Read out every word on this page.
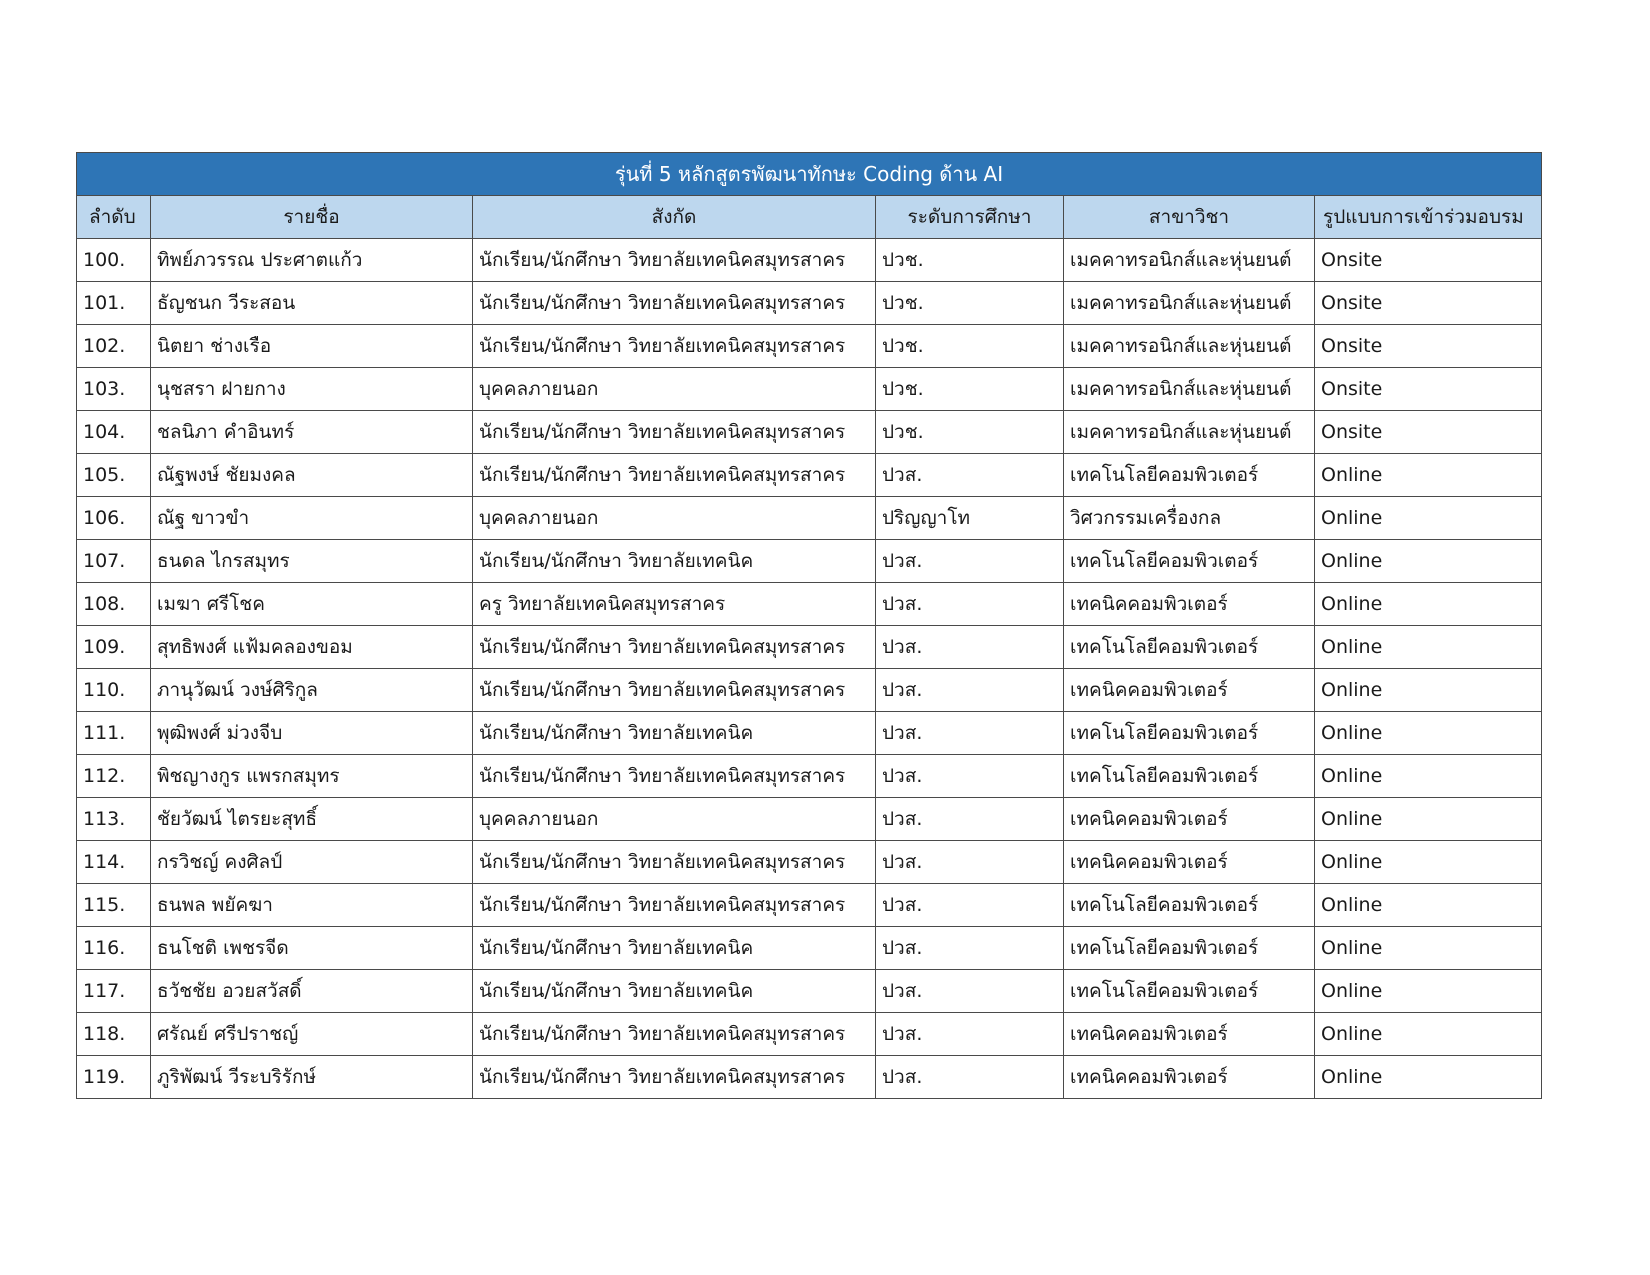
รุ่นที่ 5 หลักสูตรพัฒนาทักษะ Coding ด้าน AI					
ลำดับ	รายชื่อ	สังกัด	ระดับการศึกษา	สาขาวิชา	รูปแบบการเข้าร่วมอบรม
100.	ทิพย์ภวรรณ ประศาตแก้ว	นักเรียน/นักศึกษา วิทยาลัยเทคนิคสมุทรสาคร	ปวช.	เมคคาทรอนิกส์และหุ่นยนต์	Onsite
101.	ธัญชนก วีระสอน	นักเรียน/นักศึกษา วิทยาลัยเทคนิคสมุทรสาคร	ปวช.	เมคคาทรอนิกส์และหุ่นยนต์	Onsite
102.	นิตยา ช่างเรือ	นักเรียน/นักศึกษา วิทยาลัยเทคนิคสมุทรสาคร	ปวช.	เมคคาทรอนิกส์และหุ่นยนต์	Onsite
103.	นุชสรา ฝายกาง	บุคคลภายนอก	ปวช.	เมคคาทรอนิกส์และหุ่นยนต์	Onsite
104.	ชลนิภา คำอินทร์	นักเรียน/นักศึกษา วิทยาลัยเทคนิคสมุทรสาคร	ปวช.	เมคคาทรอนิกส์และหุ่นยนต์	Onsite
105.	ณัฐพงษ์ ชัยมงคล	นักเรียน/นักศึกษา วิทยาลัยเทคนิคสมุทรสาคร	ปวส.	เทคโนโลยีคอมพิวเตอร์	Online
106.	ณัฐ ขาวขำ	บุคคลภายนอก	ปริญญาโท	วิศวกรรมเครื่องกล	Online
107.	ธนดล ไกรสมุทร	นักเรียน/นักศึกษา วิทยาลัยเทคนิค	ปวส.	เทคโนโลยีคอมพิวเตอร์	Online
108.	เมฆา ศรีโชค	ครู วิทยาลัยเทคนิคสมุทรสาคร	ปวส.	เทคนิคคอมพิวเตอร์	Online
109.	สุทธิพงศ์ แฟ้มคลองขอม	นักเรียน/นักศึกษา วิทยาลัยเทคนิคสมุทรสาคร	ปวส.	เทคโนโลยีคอมพิวเตอร์	Online
110.	ภานุวัฒน์ วงษ์ศิริกูล	นักเรียน/นักศึกษา วิทยาลัยเทคนิคสมุทรสาคร	ปวส.	เทคนิคคอมพิวเตอร์	Online
111.	พุฒิพงศ์ ม่วงจีบ	นักเรียน/นักศึกษา วิทยาลัยเทคนิค	ปวส.	เทคโนโลยีคอมพิวเตอร์	Online
112.	พิชญางกูร แพรกสมุทร	นักเรียน/นักศึกษา วิทยาลัยเทคนิคสมุทรสาคร	ปวส.	เทคโนโลยีคอมพิวเตอร์	Online
113.	ชัยวัฒน์ ไตรยะสุทธิ์	บุคคลภายนอก	ปวส.	เทคนิคคอมพิวเตอร์	Online
114.	กรวิชญ์ คงศิลป์	นักเรียน/นักศึกษา วิทยาลัยเทคนิคสมุทรสาคร	ปวส.	เทคนิคคอมพิวเตอร์	Online
115.	ธนพล พยัคฆา	นักเรียน/นักศึกษา วิทยาลัยเทคนิคสมุทรสาคร	ปวส.	เทคโนโลยีคอมพิวเตอร์	Online
116.	ธนโชติ เพชรจีด	นักเรียน/นักศึกษา วิทยาลัยเทคนิค	ปวส.	เทคโนโลยีคอมพิวเตอร์	Online
117.	ธวัชชัย อวยสวัสดิ์	นักเรียน/นักศึกษา วิทยาลัยเทคนิค	ปวส.	เทคโนโลยีคอมพิวเตอร์	Online
118.	ศรัณย์ ศรีปราชญ์	นักเรียน/นักศึกษา วิทยาลัยเทคนิคสมุทรสาคร	ปวส.	เทคนิคคอมพิวเตอร์	Online
119.	ภูริพัฒน์ วีระบริรักษ์	นักเรียน/นักศึกษา วิทยาลัยเทคนิคสมุทรสาคร	ปวส.	เทคนิคคอมพิวเตอร์	Online
